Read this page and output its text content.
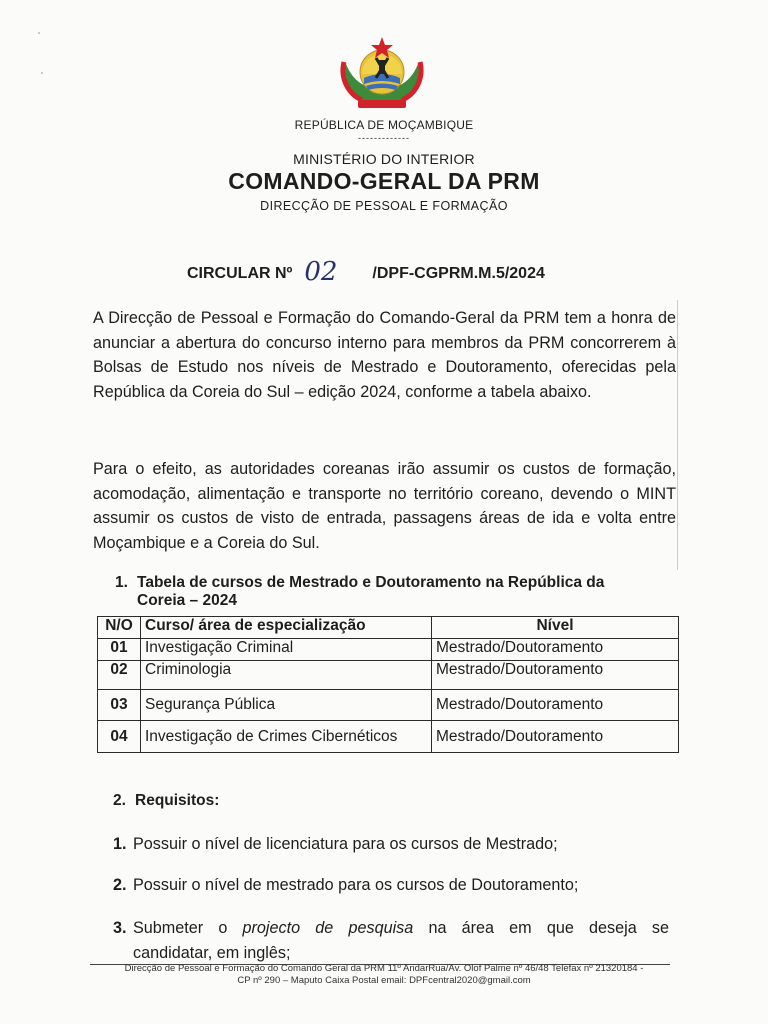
REPÚBLICA DE MOÇAMBIQUE
-------------
MINISTÉRIO DO INTERIOR
COMANDO-GERAL DA PRM
DIRECÇÃO DE PESSOAL E FORMAÇÃO
CIRCULAR Nº 02 /DPF-CGPRM.M.5/2024
A Direcção de Pessoal e Formação do Comando-Geral da PRM tem a honra de anunciar a abertura do concurso interno para membros da PRM concorrerem à Bolsas de Estudo nos níveis de Mestrado e Doutoramento, oferecidas pela República da Coreia do Sul – edição 2024, conforme a tabela abaixo.
Para o efeito, as autoridades coreanas irão assumir os custos de formação, acomodação, alimentação e transporte no território coreano, devendo o MINT assumir os custos de visto de entrada, passagens áreas de ida e volta entre Moçambique e a Coreia do Sul.
1. Tabela de cursos de Mestrado e Doutoramento na República da
Coreia – 2024
N/O	Curso/ área de especialização	Nível
01	Investigação Criminal	Mestrado/Doutoramento
02	Criminologia	Mestrado/Doutoramento
03	Segurança Pública	Mestrado/Doutoramento
04	Investigação de Crimes Cibernéticos	Mestrado/Doutoramento
2. Requisitos:
1. Possuir o nível de licenciatura para os cursos de Mestrado;
2. Possuir o nível de mestrado para os cursos de Doutoramento;
3. Submeter o projecto de pesquisa na área em que deseja se
candidatar, em inglês;
Direcção de Pessoal e Formação do Comando Geral da PRM 11º AndarRua/Av. Olof Palme nº 46/48 Telefax nº 21320184 -
CP nº 290 – Maputo Caixa Postal email: DPFcentral2020@gmail.com
